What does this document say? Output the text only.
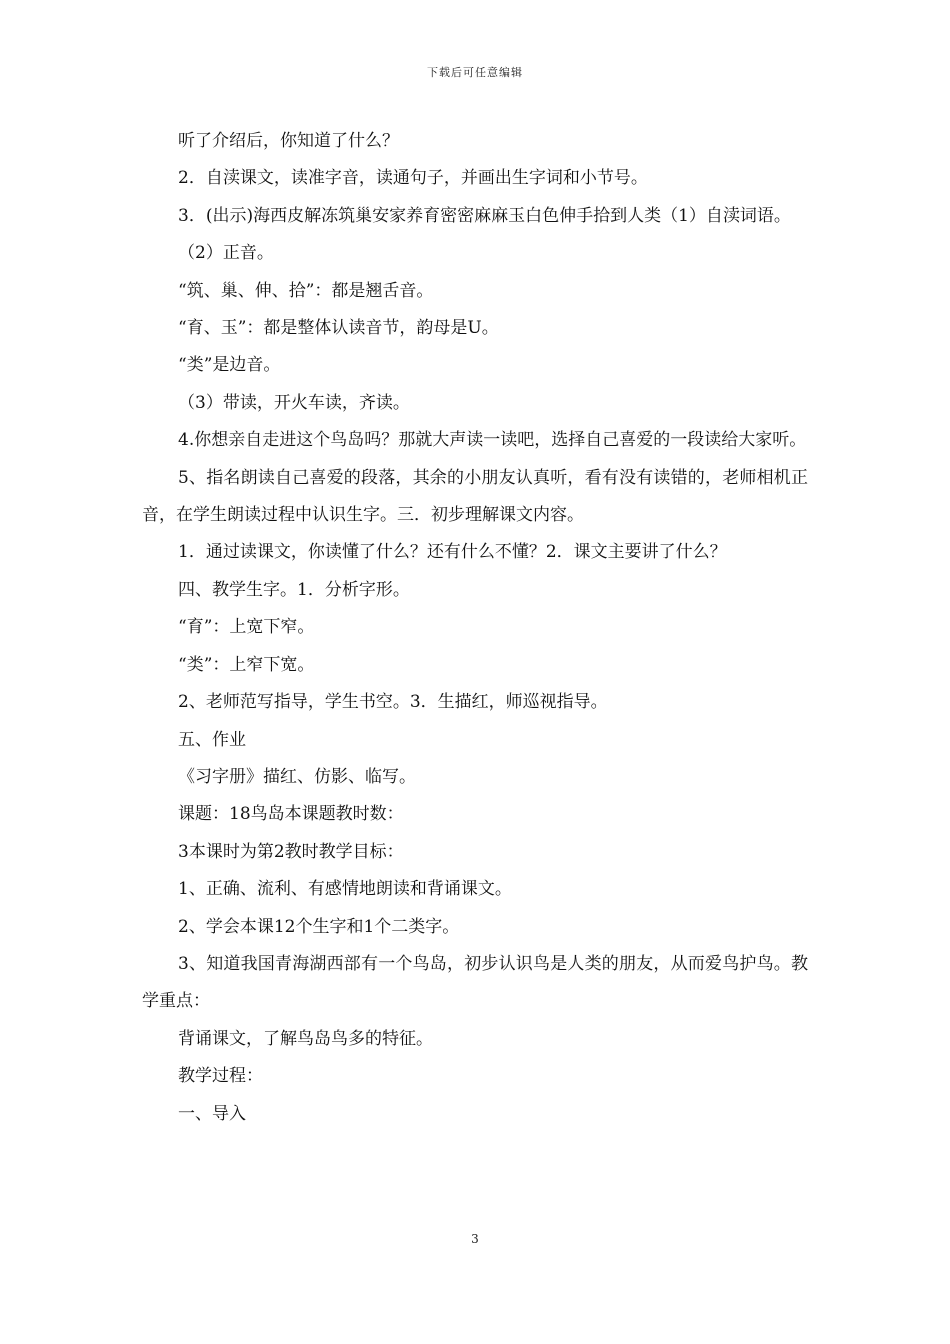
下载后可任意编辑

听了介绍后，你知道了什么？

2．自渎课文，读准字音，读通句子，并画出生字词和小节号。

3．(出示)海西皮解冻筑巢安家养育密密麻麻玉白色伸手拾到人类（1）自渎词语。

（2）正音。

“筑、巢、伸、拾”：都是翘舌音。

“育、玉”：都是整体认读音节，韵母是U。

“类”是边音。

（3）带读，开火车读，齐读。

4.你想亲自走进这个鸟岛吗？那就大声读一读吧，选择自己喜爱的一段读给大家听。

5、指名朗读自己喜爱的段落，其余的小朋友认真听，看有没有读错的，老师相机正音，在学生朗读过程中认识生字。三．初步理解课文内容。

1．通过读课文，你读懂了什么？还有什么不懂？2．课文主要讲了什么？

四、教学生字。1．分析字形。

“育”：上宽下窄。

“类”：上窄下宽。

2、老师范写指导，学生书空。3．生描红，师巡视指导。

五、作业

《习字册》描红、仿影、临写。

课题：18鸟岛本课题教时数：

3本课时为第2教时教学目标：

1、正确、流利、有感情地朗读和背诵课文。

2、学会本课12个生字和1个二类字。

3、知道我国青海湖西部有一个鸟岛，初步认识鸟是人类的朋友，从而爱鸟护鸟。教学重点：

背诵课文，了解鸟岛鸟多的特征。

教学过程：

一、导入

3
